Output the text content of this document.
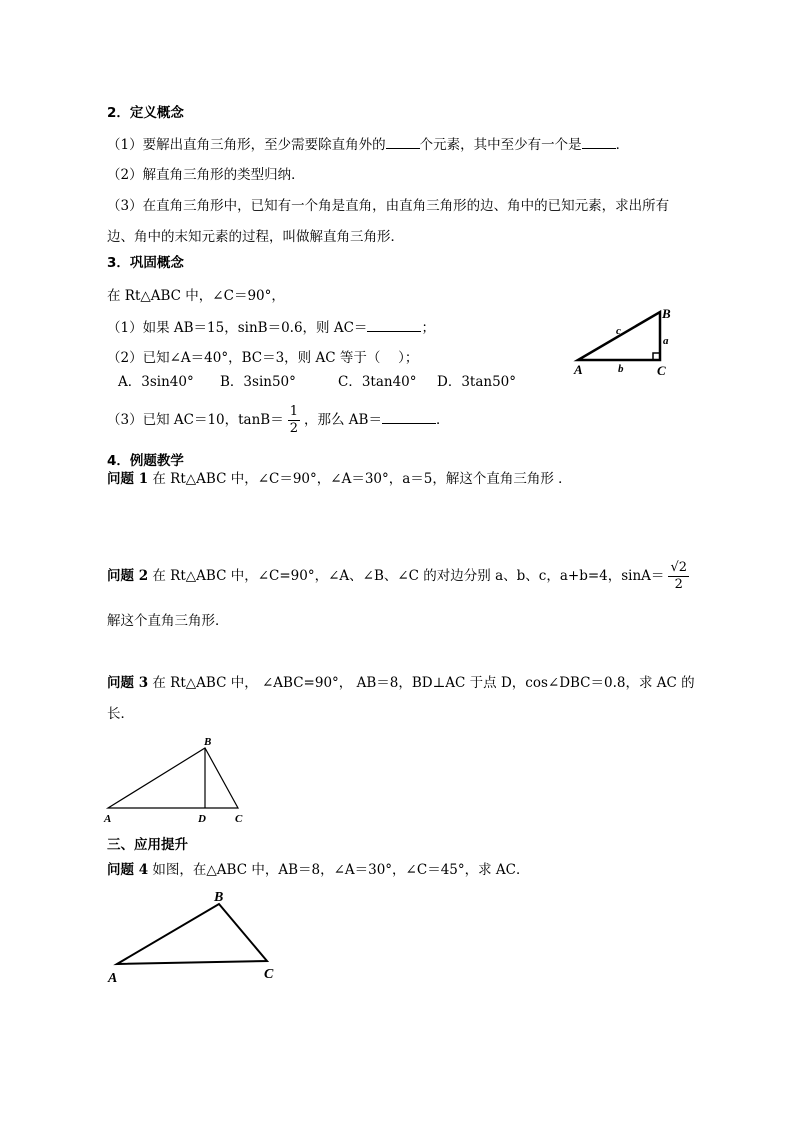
2．定义概念
（1）要解出直角三角形，至少需要除直角外的	个元素，其中至少有一个是	．
（2）解直角三角形的类型归纳．
（3）在直角三角形中，已知有一个角是直角，由直角三角形的边、角中的已知元素，求出所有
边、角中的末知元素的过程，叫做解直角三角形．
3．巩固概念
在 Rt△ABC 中，∠C＝90°，
（1）如果 AB＝15，sinB＝0.6，则 AC＝	；
（2）已知∠A＝40°，BC＝3，则 AC 等于（　 ）；
A．3sin40° B．3sin50°	C．3tan40° D．3tan50°
（3）已知 AC＝10，$\tan B= \frac{1}{2}$ ，那么 AB＝	．
A
B
C
a
b
c
4．例题教学
问题 1 在 Rt△ABC 中，∠C＝90°，∠A＝30°，a＝5，解这个直角三角形 ．
问题 2 在 Rt△ABC 中，∠C=90°，∠A、∠B、∠C 的对边分别 a、b、c，a+b=4，$\sin A= \frac{√2}{2}$
解这个直角三角形．
问题 3 在 Rt△ABC 中， ∠ABC=90°， AB＝8，BD⊥AC 于点 D，cos∠DBC＝0.8，求 AC 的
长．
A
B
C
D
三、应用提升
问题 4 如图，在△ABC 中，AB＝8，∠A＝30°，∠C＝45°，求 AC．
A
B
C
